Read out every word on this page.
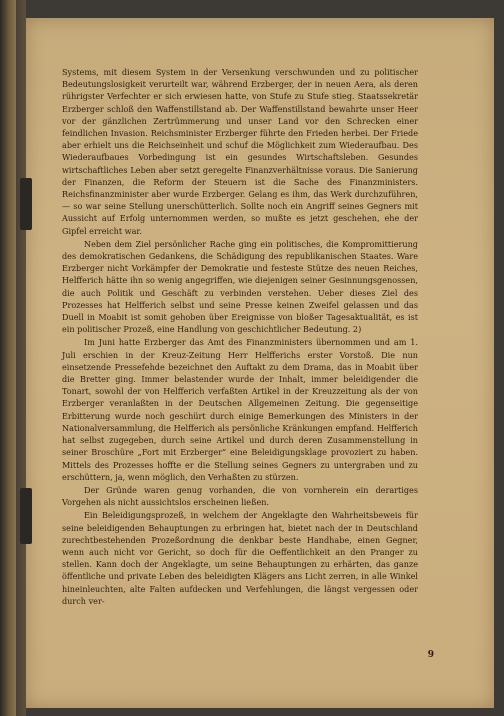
Systems, mit diesem System in der Versenkung verschwunden und zu politischer Bedeutungslosigkeit verurteilt war, während Erzberger, der in neuen Aera, als deren rührigster Verfechter er sich erwiesen hatte, von Stufe zu Stufe stieg. Staatssekretär Erzberger schloß den Waffenstillstand ab. Der Waffenstillstand bewahrte unser Heer vor der gänzlichen Zertrümmerung und unser Land vor den Schrecken einer feindlichen Invasion. Reichsminister Erzberger führte den Frieden herbei. Der Friede aber erhielt uns die Reichseinheit und schuf die Möglichkeit zum Wiederaufbau. Des Wiederaufbaues Vorbedingung ist ein gesundes Wirtschaftsleben. Gesundes wirtschaftliches Leben aber setzt geregelte Finanzverhältnisse voraus. Die Sanierung der Finanzen, die Reform der Steuern ist die Sache des Finanzministers. Reichsfinanzminister aber wurde Erzberger. Gelang es ihm, das Werk durchzuführen, — so war seine Stellung unerschütterlich. Sollte noch ein Angriff seines Gegners mit Aussicht auf Erfolg unternommen werden, so mußte es jetzt geschehen, ehe der Gipfel erreicht war.

Neben dem Ziel persönlicher Rache ging ein politisches, die Kompromittierung des demokratischen Gedankens, die Schädigung des republikanischen Staates. Ware Erzberger nicht Vorkämpfer der Demokratie und festeste Stütze des neuen Reiches, Helfferich hätte ihn so wenig angegriffen, wie diejenigen seiner Gesinnungsgenossen, die auch Politik und Geschäft zu verbinden verstehen. Ueber dieses Ziel des Prozesses hat Helfferich selbst und seine Presse keinen Zweifel gelassen und das Duell in Moabit ist somit gehoben über Ereignisse von bloßer Tagesaktualität, es ist ein politischer Prozeß, eine Handlung von geschichtlicher Bedeutung. 2)

Im Juni hatte Erzberger das Amt des Finanzministers übernommen und am 1. Juli erschien in der Kreuz-Zeitung Herr Helfferichs erster Vorstoß. Die nun einsetzende Pressefehde bezeichnet den Auftakt zu dem Drama, das in Moabit über die Bretter ging. Immer belastender wurde der Inhalt, immer beleidigender die Tonart, sowohl der von Helfferich verfaßten Artikel in der Kreuzzeitung als der von Erzberger veranlaßten in der Deutschen Allgemeinen Zeitung. Die gegenseitige Erbitterung wurde noch geschürt durch einige Bemerkungen des Ministers in der Nationalversammlung, die Helfferich als persönliche Kränkungen empfand. Helfferich hat selbst zugegeben, durch seine Artikel und durch deren Zusammenstellung in seiner Broschüre „Fort mit Erzberger“ eine Beleidigungsklage provoziert zu haben. Mittels des Prozesses hoffte er die Stellung seines Gegners zu untergraben und zu erschüttern, ja, wenn möglich, den Verhaßten zu stürzen.

Der Gründe waren genug vorhanden, die von vornherein ein derartiges Vorgehen als nicht aussichtslos erscheinen ließen.

Ein Beleidigungsprozeß, in welchem der Angeklagte den Wahrheitsbeweis für seine beleidigenden Behauptungen zu erbringen hat, bietet nach der in Deutschland zurechtbestehenden Prozeßordnung die denkbar beste Handhabe, einen Gegner, wenn auch nicht vor Gericht, so doch für die Oeffentlichkeit an den Pranger zu stellen. Kann doch der Angeklagte, um seine Behauptungen zu erhärten, das ganze öffentliche und private Leben des beleidigten Klägers ans Licht zerren, in alle Winkel hineinleuchten, alte Falten aufdecken und Verfehlungen, die längst vergessen oder durch ver-

9
